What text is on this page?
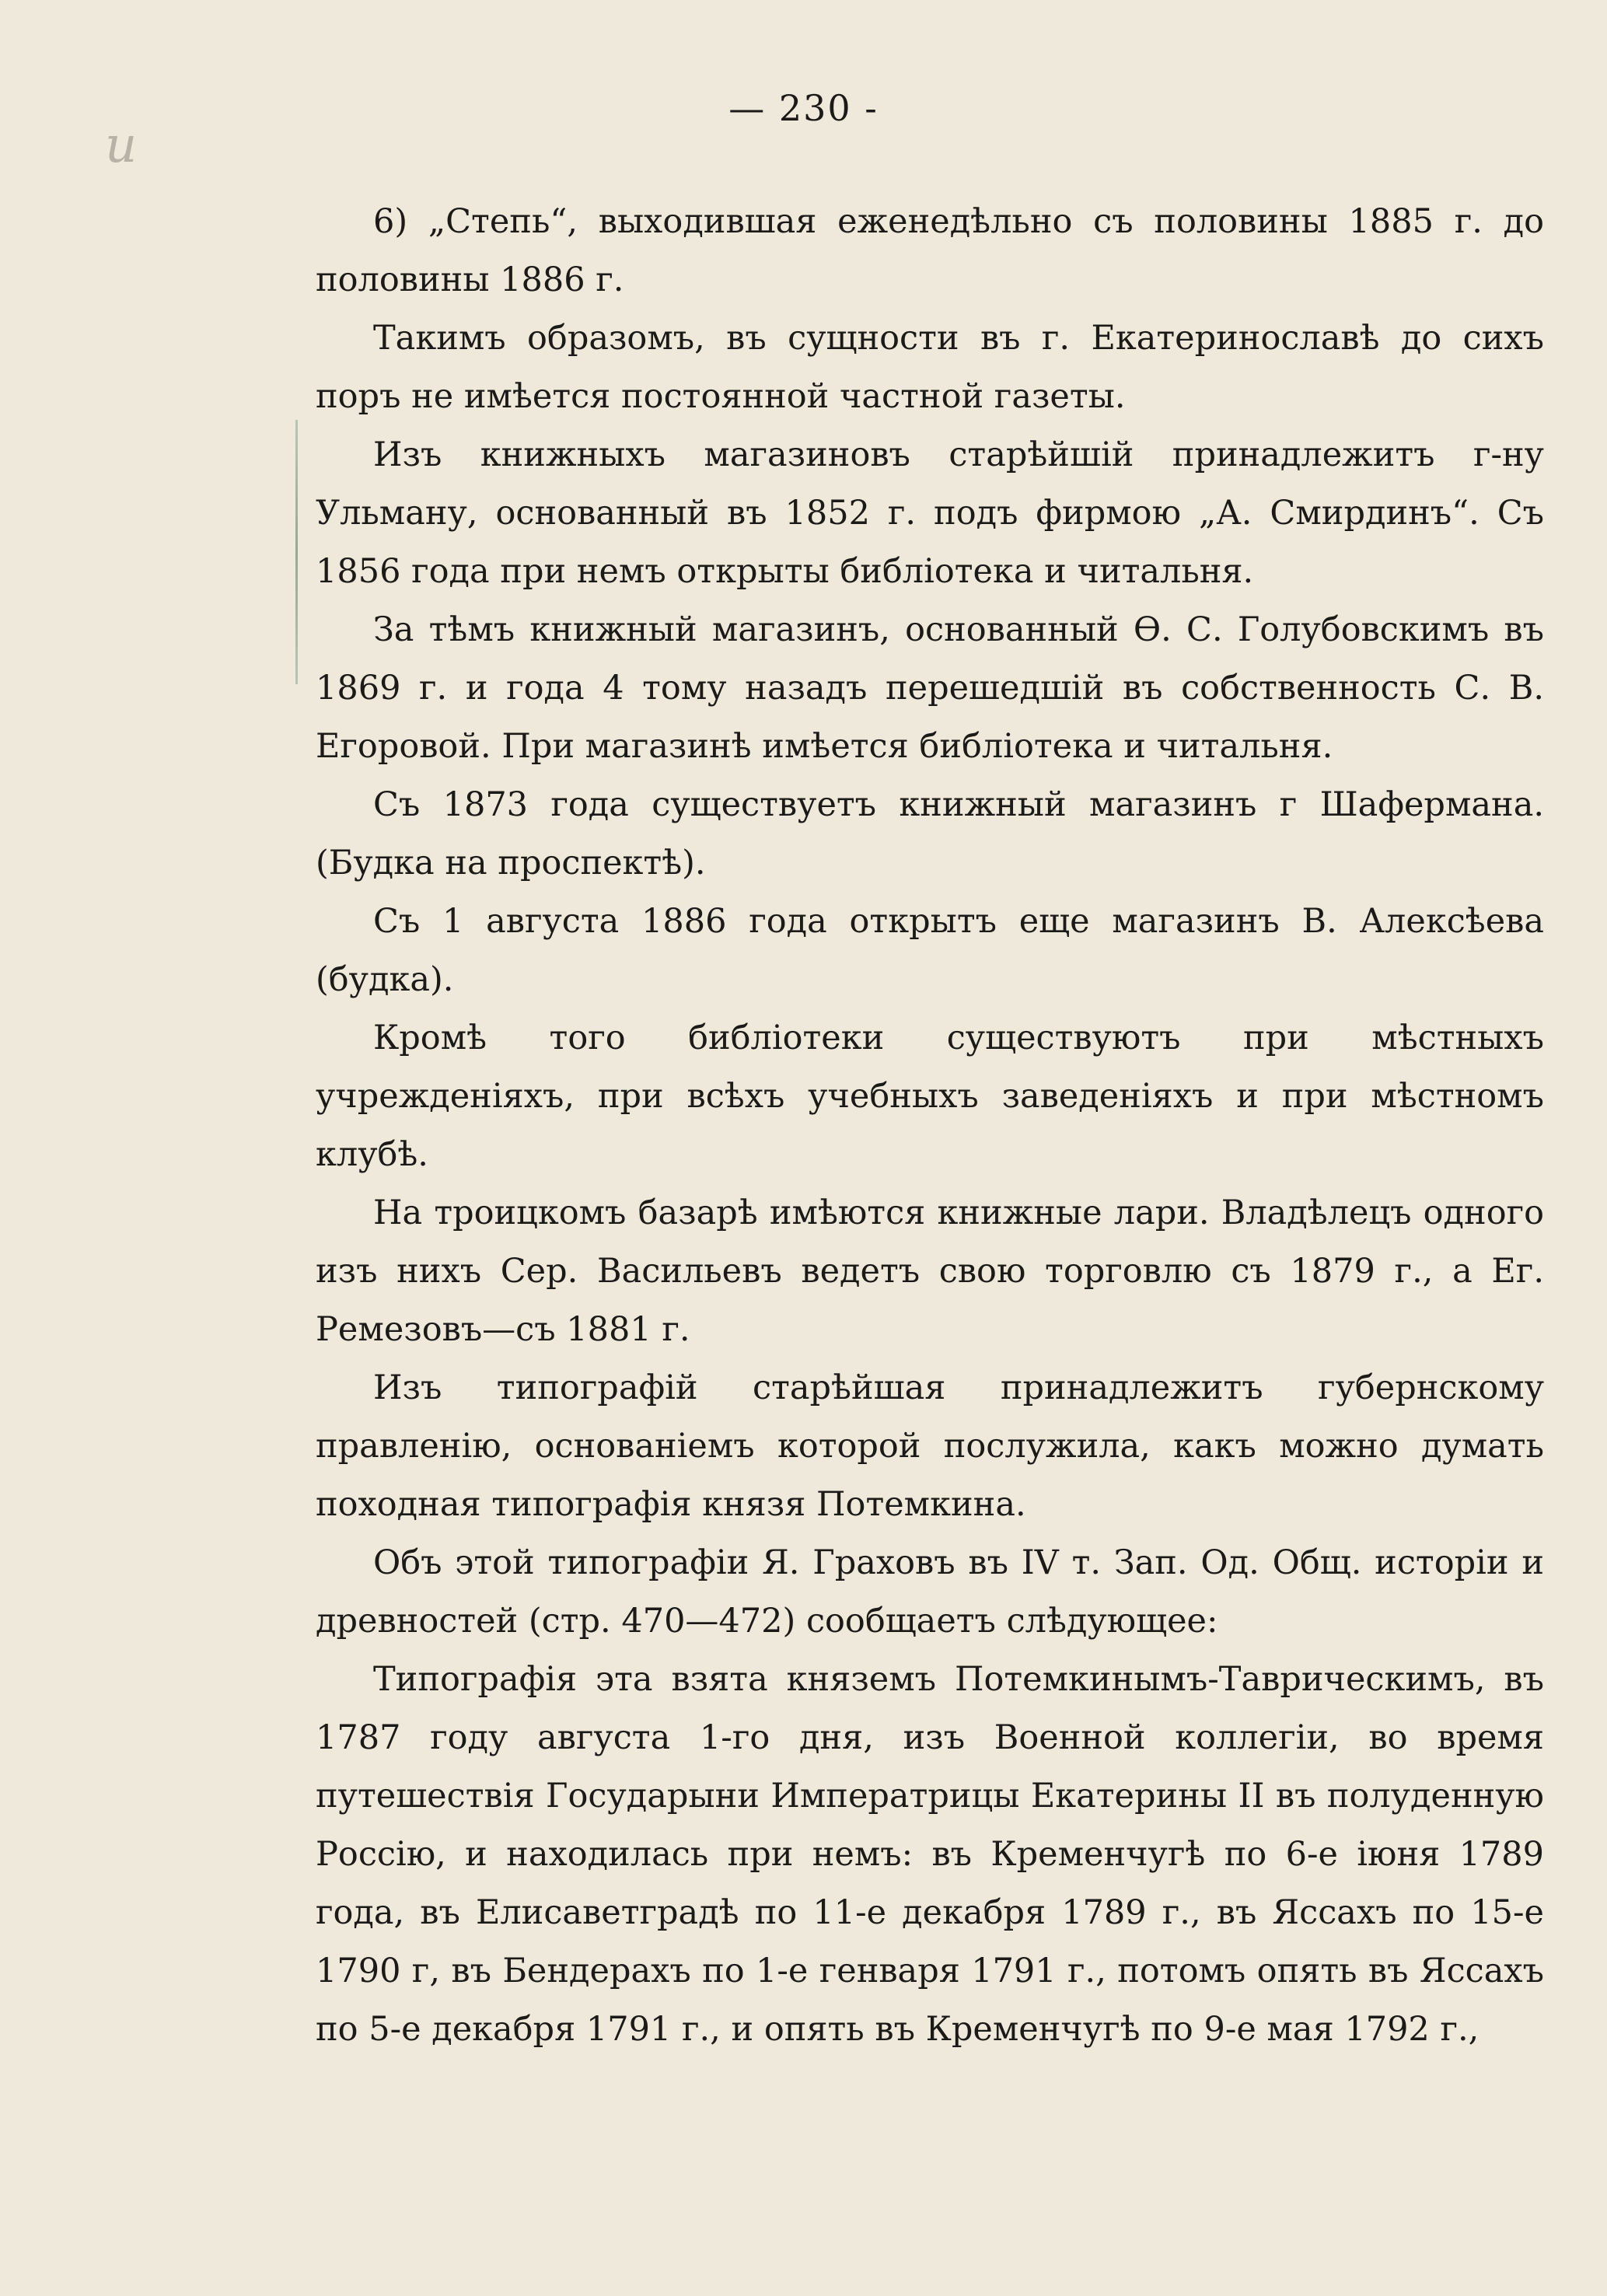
u
— 230 -

6) „Степь“, выходившая еженедѣльно съ половины 1885 г. до половины 1886 г.

Такимъ образомъ, въ сущности въ г. Екатеринославѣ до сихъ поръ не имѣется постоянной частной газеты.

Изъ книжныхъ магазиновъ старѣйшій принадлежитъ г-ну Ульману, основанный въ 1852 г. подъ фирмою „А. Смирдинъ“. Съ 1856 года при немъ открыты библіотека и читальня.

За тѣмъ книжный магазинъ, основанный Ѳ. С. Голубовскимъ въ 1869 г. и года 4 тому назадъ перешедшій въ собственность С. В. Егоровой. При магазинѣ имѣется библіотека и читальня.

Съ 1873 года существуетъ книжный магазинъ г Шафермана. (Будка на проспектѣ).

Съ 1 августа 1886 года открытъ еще магазинъ В. Алексѣева (будка).

Кромѣ того библіотеки существуютъ при мѣстныхъ учрежденіяхъ, при всѣхъ учебныхъ заведеніяхъ и при мѣстномъ клубѣ.

На троицкомъ базарѣ имѣются книжные лари. Владѣлецъ одного изъ нихъ Сер. Васильевъ ведетъ свою торговлю съ 1879 г., а Ег. Ремезовъ—съ 1881 г.

Изъ типографій старѣйшая принадлежитъ губернскому правленію, основаніемъ которой послужила, какъ можно думать походная типографія князя Потемкина.

Объ этой типографіи Я. Граховъ въ IV т. Зап. Од. Общ. исторіи и древностей (стр. 470—472) сообщаетъ слѣдующее:

Типографія эта взята княземъ Потемкинымъ-Таврическимъ, въ 1787 году августа 1-го дня, изъ Военной коллегіи, во время путешествія Государыни Императрицы Екатерины II въ полуденную Россію, и находилась при немъ: въ Кременчугѣ по 6-е іюня 1789 года, въ Елисаветградѣ по 11-е декабря 1789 г., въ Яссахъ по 15-е 1790 г, въ Бендерахъ по 1-е генваря 1791 г., потомъ опять въ Яссахъ по 5-е декабря 1791 г., и опять въ Кременчугѣ по 9-е мая 1792 г.,
